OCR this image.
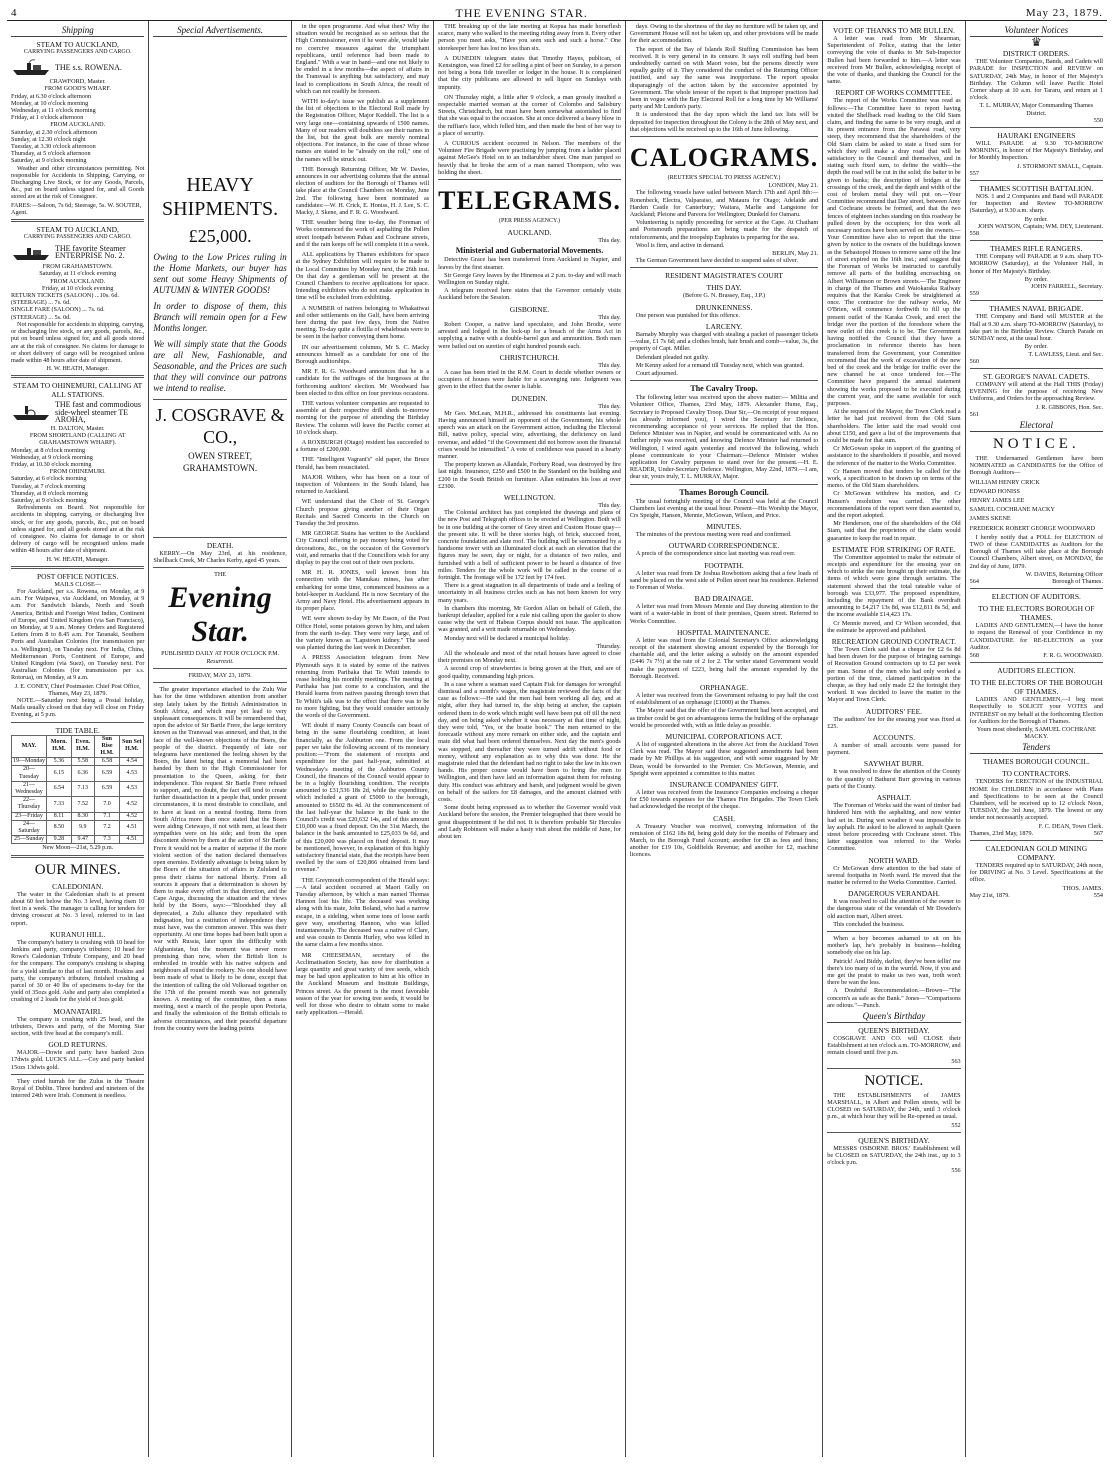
4	THE EVENING STAR.	May 23, 1879.
Shipping
STEAM TO AUCKLAND,
CARRYING PASSENGERS AND CARGO.
THE s.s. ROWENA.
CRAWFORD, Master.
FROM GOOD'S WHARF.
Friday, at 6.30 o'clock afternoon
Monday, at 10 o'clock morning
Wednesday, at 11 o'clock morning
Friday, at 1 o'clock afternoon
FROM AUCKLAND.
Saturday, at 2.30 o'clock afternoon
Sunday, at 12.30 o'clock night
Tuesday, at 3.30 o'clock afternoon
Thursday, at 5 o'clock afternoon
Saturday, at 9 o'clock morning

Weather and other circumstances permitting. Not responsible for Accidents in Shipping, Carrying, or Discharging Live Stock, or for any Goods, Parcels, &c., put on board unless signed for, and all Goods stored are at the risk of Consignee.

FARES:—Saloon, 7s 6d; Steerage, 5s. W. SOUTER, Agent.
STEAM TO AUCKLAND,
CARRYING PASSENGERS AND CARGO.
THE favorite Steamer ENTERPRISE No. 2.
FROM GRAHAMSTOWN.
Saturday, at 11 o'clock evening
FROM AUCKLAND.
Friday, at 10 o'clock evening
RETURN TICKETS (SALOON) ...10s. 6d.
(STEERAGE) ... 7s. 6d.
SINGLE FARE (SALOON) ... 7s. 6d.
(STEERAGE) ... 5s. 0d.

Not responsible for accidents in shipping, carrying, or discharging live stock, or any goods, parcels, &c., put on board unless signed for, and all goods stored are at the risk of consignee. No claims for damage to or short delivery of cargo will be recognised unless made within 48 hours after date of shipment.

H. W. HEATH, Manager.
STEAM TO OHINEMURI, CALLING AT ALL STATIONS.
THE fast and commodious side-wheel steamer TE AROHA,
H. DALTON, Master.
FROM SHORTLAND (CALLING AT GRAHAMSTOWN WHARF).
Monday, at 8 o'clock morning
Wednesday, at 9 o'clock morning
Friday, at 10.30 o'clock morning
FROM OHINEMURI.
Saturday, at 6 o'clock morning
Tuesday, at 7 o'clock morning
Thursday, at 8 o'clock morning
Saturday, at 9 o'clock morning

Refreshments on Board. Not responsible for accidents in shipping, carrying, or discharging live stock, or for any goods, parcels, &c., put on board unless signed for, and all goods stored are at the risk of consignee. No claims for damage to or short delivery of cargo will be recognised unless made within 48 hours after date of shipment.

H. W. HEATH, Manager.
POST OFFICE NOTICES.
MAILS CLOSE—

For Auckland, per s.s. Rowena, on Monday, at 9 a.m. For Waipawa, via Auckland, on Monday, at 9 a.m. For Sandwich Islands, North and South America, British and Foreign West Indies, Continent of Europe, and United Kingdom (via San Francisco), on Monday, at 9 a.m. Money Orders and Registered Letters from 8 to 8.45 a.m. For Taranaki, Southern Ports and Australian Colonies (for transmission per s.s. Wellington), on Tuesday next. For India, China, Mediterranean Ports, Continent of Europe, and United Kingdom (via Suez), on Tuesday next. For Australian Colonies (for transmission per s.s. Rotorua), on Monday, at 9 a.m.

J. E. CONEY, Chief Postmaster. Chief Post Office, Thames, May 23, 1879.

NOTE.—Saturday next being a Postal holiday, Mails usually closed on that day will close on Friday Evening, at 5 p.m.

TIDE TABLE.
MAY.	Morn. H.M.	Even. H.M.	Sun Rise H.M.	Sun Set H.M.
19—Monday	5.36	5.58	6.58	4.54
20—Tuesday	6.15	6.36	6.59	4.53
21—Wednesday	6.54	7.13	6.59	4.53
22—Thursday	7.33	7.52	7.0	4.52
23—Friday	8.11	8.30	7.1	4.52
24—Saturday	8.50	9.9	7.2	4.51
25—Sunday	9.28	9.47	7.3	4.51
New Moon—21st, 5.29 p.m.
OUR MINES.
CALEDONIAN.

The water in the Caledonian shaft is at present about 60 feet below the No. 3 level, having risen 10 feet in a week. The manager is calling for tenders for driving crosscut at No. 3 level, referred to in last report.

KURANUI HILL.

The company's battery is crushing with 10 head for Jenkins and party, company's tributers; 10 head for Rowe's Caledonian Tribute Company, and 20 head for the company. The company's crushing is shaping for a yield similar to that of last month. Hoskins and party, the company's tributers, finished crushing a parcel of 30 or 40 lbs of specimens to-day for the yield of 35ozs gold. Ashe and party also completed a crushing of 2 loads for the yield of 3ozs gold.

MOANATAIRI.

The company is crushing with 25 head, and the tributers, Dewes and party, of the Morning Star section, with five head at the company's mill.

GOLD RETURNS.

MAJOR.—Dowie and party have banked 2ozs 17dwts gold. LUCK'S ALL.—Coy and party banked 15ozs 13dwts gold.

They cried hurrah for the Zulus in the Theatre Royal of Dublin. Three hundred and nineteen of the interred 24th were Irish. Comment is needless.

Special Advertisements.
HEAVY SHIPMENTS.
£25,000.

Owing to the Low Prices ruling in the Home Markets, our buyer has sent out some Heavy Shipments of AUTUMN & WINTER GOODS!

In order to dispose of them, this Branch will remain open for a Few Months longer.

We will simply state that the Goods are all New, Fashionable, and Seasonable, and the Prices are such that they will convince our patrons we intend to realise.

J. COSGRAVE & CO.,
OWEN STREET,
GRAHAMSTOWN.
DEATH.

KERRY.—On May 23rd, at his residence, Shellback Creek, Mr Charles Kerby, aged 45 years.

THE
Evening Star.
PUBLISHED DAILY AT FOUR O'CLOCK P.M.
Resurrexit.
FRIDAY, MAY 23, 1879.

The greater importance attached to the Zulu War has for the time withdrawn attention from another step lately taken by the British Administration in South Africa, and which may yet lead to very unpleasant consequences. It will be remembered that, upon the advice of Sir Bartle Frere, the large territory known as the Transvaal was annexed, and that, in the face of the well-known objections of the Boers, the people of the district. Frequently of late our telegrams have mentioned the feeling shown by the Boers, the latest being that a memorial had been handed by them to the High Commissioner for presentation to the Queen, asking for their independence. This request Sir Bartle Frere refused to support, and, no doubt, the fact will tend to create further dissatisfaction in a people that, under present circumstances, it is most desirable to conciliate, and to have at least on a neutral footing. Items from South Africa more than once stated that the Boers were aiding Cetewayo, if not with men, at least their sympathies were on his side; and from the open discontent shown by them at the action of Sir Bartle Frere it would not be a matter of surprise if the more violent section of the nation declared themselves open enemies. Evidently advantage is being taken by the Boers of the situation of affairs in Zululand to press their claims for national liberty. From all sources it appears that a determination is shown by them to make every effort in that direction, and the Cape Argus, discussing the situation and the views held by the Boers, says:—"Bloodshed they all deprecated, a Zulu alliance they repudiated with indignation, but a restitution of independence they must have, was the common answer. This was their opportunity. At one time hopes had been built upon a war with Russia, later upon the difficulty with Afghanistan, but the moment was never more promising than now, when the British lion is embroiled in trouble with his native subjects and neighbours all round the rookery. No one should have been made of what is likely to be done, except that the intention of calling the old Volksraad together on the 17th of the present month was not generally known. A meeting of the committee, then a mass meeting, next a march of the people upon Pretoria, and finally the submission of the British officials to adverse circumstances, and their peaceful departure from the country were the leading points

in the open programme. And what then? Why the situation would be recognised as so serious that the High Commissioner, even if he were able, would take no coercive measures against the triumphant republicans, until reference had been made to England." With a war in hand—and one not likely to be ended in a few months—the aspect of affairs in the Transvaal is anything but satisfactory, and may lead to complications in South Africa, the result of which can not readily be foreseen.

WITH to-day's issue we publish as a supplement the list of objections to the Electoral Roll made by the Registration Officer, Major Keddell. The list is a very large one—containing upwards of 1500 names. Many of our readers will doubtless see their names in the list, but the great bulk are merely nominal objections. For instance, in the case of those whose names are stated to be "already on the roll," one of the names will be struck out.

THE Borough Returning Officer, Mr W. Davies, announces in our advertising columns that the annual election of auditors for the Borough of Thames will take place at the Council Chambers on Monday, June 2nd. The following have been nominated as candidates:—W. H. Crick, E. Honiss, H. J. Lee, S. C. Macky, J. Skene, and F. R. G. Woodward.

THE weather being fine to-day, the Foreman of Works commenced the work of asphalting the Pollen street footpath between Pahau and Cochrane streets, and if the rain keeps off he will complete it in a week.

ALL applications by Thames exhibitors for space at the Sydney Exhibition will require to be made to the Local Committee by Monday next, the 26th inst. On that day a gentleman will be present at the Council Chambers to receive applications for space. Intending exhibitors who do not make application in time will be excluded from exhibiting.

A NUMBER of natives belonging to Whakatiwai and other settlements on the Gulf, have been arriving here during the past few days, from the Native meeting. To-day quite a flotilla of whaleboats were to be seen in the harbor conveying them home.

IN our advertisement columns, Mr S. C. Macky announces himself as a candidate for one of the Borough auditorships.

MR F. R. G. Woodward announces that he is a candidate for the suffrages of the burgesses at the forthcoming auditors' election. Mr Woodward has been elected to this office on four previous occasions.

THE various volunteer companies are requested to assemble at their respective drill sheds to-morrow morning for the purpose of attending the Birthday Review. The column will leave the Pacific corner at 10 o'clock sharp.

A ROXBURGH (Otago) resident has succeeded to a fortune of £200,000.

THE "Intelligent Vagrant's" old paper, the Bruce Herald, has been resuscitated.

MAJOR Withers, who has been on a tour of inspection of Volunteers in the South Island, has returned to Auckland.

WE understand that the Choir of St. George's Church propose giving another of their Organ Recitals and Sacred Concerts in the Church on Tuesday the 3rd proximo.

MR GEORGE Stains has written to the Auckland City Council offering to pay money being voted for decorations, &c., on the occasion of the Governor's visit, and remarks that if the Councillors wish for any display to pay the cost out of their own pockets.

MR H. R. JONES, well known from his connection with the Manukau mines, has after embarking for some time, commenced business as a hotel-keeper in Auckland. He is now Secretary of the Army and Navy Hotel. His advertisement appears in its proper place.

WE were shown to-day by Mr Esson, of the Post Office Hotel, some potatoes grown by him, and taken from the earth to-day. They were very large, and of the variety known as "Lapstown kidney." The seed was planted during the last week in December.

A PRESS Association telegram from New Plymouth says it is stated by some of the natives returning from Parihaka that Te Whiti intends to cease holding his monthly meetings. The meeting at Parihaka has just come to a conclusion, and the Herald learns from natives passing through town that Te Whiti's talk was to the effect that there was to be no more fighting, but they would consider seriously the words of the Government.

WE doubt if many County Councils can boast of being in the same flourishing condition, at least financially, as the Ashburton one. From the local paper we take the following account of its monetary position:—"From the statement of receipts and expenditure for the past half-year, submitted at Wednesday's meeting of the Ashburton County Council, the finances of the Council would appear to be in a highly flourishing condition. The receipts amounted to £31,536 18s 2d, while the expenditure, which included a grant of £5000 to the borough, amounted to £6502 8s 4d. At the commencement of the last half-year the balance in the bank to the Council's credit was £20,632 14s, and of this amount £10,000 was a fixed deposit. On the 31st March, the balance in the bank amounted to £25,033 9s 6d, and of this £20,000 was placed on fixed deposit. It may be mentioned, however, in explanation of this highly satisfactory financial state, that the receipts have been swelled by the sum of £20,866 obtained from land revenue."

THE Greymouth correspondent of the Herald says:—A fatal accident occurred at Maori Gully on Tuesday afternoon, by which a man named Thomas Hannon lost his life. The deceased was working along with his mate, John Boland, who had a narrow escape, in a sideling, when some tons of loose earth gave way, smothering Hannon, who was killed instantaneously. The deceased was a native of Clare, and was cousin to Dennis Hurley, who was killed in the same claim a few months since.

MR CHEESEMAN, secretary of the Acclimatisation Society, has now for distribution a large quantity and great variety of tree seeds, which may be had upon application to him at his office in the Auckland Museum and Institute Buildings, Princes street. As the present is the most favorable season of the year for sowing tree seeds, it would be well for those who desire to obtain some to make early application.—Herald.

THE breaking up of the late meeting at Kopua has made horseflesh scarce, many who walked to the meeting riding away from it. Every other person you meet asks, "Have you seen such and such a horse." One storekeeper here has lost no less than six.

A DUNEDIN telegram states that Timothy Hayes, publican, of Kensington, was fined £2 for selling a pint of beer on Sunday, to a person not being a bona fide traveller or lodger in the house. It is complained that the city publicans are allowed to sell liquor on Sundays with impunity.

ON Thursday night, a little after 9 o'clock, a man grossly insulted a respectable married woman at the corner of Colombo and Salisbury Streets, Christchurch, but must have been somewhat astonished to find that she was equal to the occasion. She at once delivered a heavy blow in the ruffian's face, which felled him, and then made the best of her way to a place of security.

A CURIOUS accident occurred in Nelson. The members of the Volunteer Fire Brigade were practising by jumping from a ladder placed against McGee's Hotel on to an indiarubber sheet. One man jumped so heavily that he broke the arm of a man named Thompson, who was holding the sheet.

TELEGRAMS.
(PER PRESS AGENCY.)
AUCKLAND.
This day.
Ministerial and Gubernatorial Movements.

Detective Grace has been transferred from Auckland to Napier, and leaves by the first steamer.

Sir George Grey leaves by the Hinemoa at 2 p.m. to-day and will reach Wellington on Sunday night.

A telegram received here states that the Governor certainly visits Auckland before the Session.

GISBORNE.
This day.

Robert Cooper, a native land speculator, and John Brodie, were arrested and lodged in the lock-up for a breach of the Arms Act in supplying a native with a double-barrel gun and ammunition. Both men were bailed out on sureties of eight hundred pounds each.

CHRISTCHURCH.
This day.

A case has been tried in the R.M. Court to decide whether owners or occupiers of houses were liable for a scavenging rate. Judgment was given to the effect that the owner is liable.

DUNEDIN.
This day.

Mr Geo. McLean, M.H.R., addressed his constituents last evening. Having announced himself an opponent of the Government, his whole speech was an attack on the Government action, including the Electoral Bill, native policy, special wire, advertising, the deficiency on land revenue, and added "if the Government did not borrow soon the financial crises would be intensified." A vote of confidence was passed in a hearty manner.

The property known as Allandale, Forbury Road, was destroyed by fire last night. Insurance, £250 and £500 in the Standard on the building and £200 in the South British on furniture. Allan estimates his loss at over £2300.

WELLINGTON.
This day.

The Colonial architect has just completed the drawings and plans of the new Post and Telegraph offices to be erected at Wellington. Both will be in one building at the corner of Grey street and Custom House quay—the present site. It will be three stories high, of brick, stuccoed front, concrete foundation and slate roof. The building will be surmounted by a handsome tower with an illuminated clock at each an elevation that the figures may be seen, day or night, for a distance of two miles, and furnished with a bell of sufficient power to be heard a distance of five miles. Tenders for the whole work will be called in the course of a fortnight. The frontage will be 172 feet by 174 feet.

There is a great stagnation in all departments of trade and a feeling of uncertainty in all business circles such as has not been known for very many years.

In chambers this morning, Mr Gordon Allan on behalf of Gileth, the bankrupt defaulter, applied for a rule nisi calling upon the gaoler to show cause why the writ of Habeas Corpus should not issue. The application was granted, and a writ made returnable on Wednesday.

Monday next will be declared a municipal holiday.

Thursday.

All the wholesale and most of the retail houses have agreed to close their premises on Monday next.

A second crop of strawberries is being grown at the Hutt, and are of good quality, commanding high prices.

In a case where a seaman sued Captain Fisk for damages for wrongful dismissal and a month's wages, the magistrate reviewed the facts of the case as follows:—He said the men had been working all day, and at night, after they had turned in, the ship being at anchor, the captain ordered them to do work which might well have been put off till the next day, and on being asked whether it was necessary at that time of night, they were told, "Yes, or the boatie book." The men returned to the forecastle without any more remark on either side, and the captain and mate did what had been ordered themselves. Next day the men's goods was stopped, and thereafter they were turned adrift without food or money, without any explanation as to why this was done. He the magistrate ruled that the defendant had no right to take the law in his own hands. His proper course would have been to bring the men to Wellington, and then have laid an information against them for refusing duty. His conduct was arbitrary and harsh, and judgment would be given on behalf of the sailors for £8 damages, and the amount claimed with costs.

Some doubt being expressed as to whether the Governor would visit Auckland before the session, the Premier telegraphed that there would be great disappointment if he did not. It is therefore probable Sir Hercules and Lady Robinson will make a hasty visit about the middle of June, for about ten

days. Owing to the shortness of the day no furniture will be taken up, and Government House will not be taken up, and other provisions will be made for their accommodation.

The report of the Bay of Islands Roll Stuffing Commission has been received. It is very general in its censure. It says roll stuffing had been undoubtedly carried on with Maori votes, but the persons directly were equally guilty of it. They considered the conduct of the Returning Officer justified, and say the same was inopportune. The report speaks disparagingly of the action taken by the successive appointed by Government. The whole tenour of the report is that improper practices had been in vogue with the Bay Electoral Roll for a long time by Mr Williams' party and Mr Lundon's party.

It is understood that the day upon which the land tax lists will be deposited for inspection throughout the Colony is the 28th of May next, and that objections will be received up to the 16th of June following.

CALOGRAMS.
(REUTER'S SPECIAL TO PRESS AGENCY.)
LONDON, May 21.

The following vessels have sailed between March 17th and April 8th:—Ronenbeck, Electra, Valparaiso, and Mataura for Otago; Adelaide and Harden Castle for Canterbury; Waitara, Marlie and Langstone for Auckland; Pleione and Pareora for Wellington; Dunkeld for Oamaru.

Volunteering is rapidly proceeding for service at the Cape. At Chatham and Portsmouth preparations are being made for the despatch of reinforcements, and the troopship Euphrates is preparing for the sea.

Wool is firm, and active in demand.

BERLIN, May 21.

The German Government have decided to suspend sales of silver.

RESIDENT MAGISTRATE'S COURT
THIS DAY.
(Before G. N. Brassey, Esq., J.P.)
DRUNKENNESS.

One person was punished for this offence.

LARCENY.

Barnaby Murphy was charged with stealing a packet of passenger tickets—value, £1 7s 6d; and a clothes brush, hair brush and comb—value, 3s, the property of Capt. Miller.

Defendant pleaded not guilty.

Mr Kenny asked for a remand till Tuesday next, which was granted.

Court adjourned.

The Cavalry Troop.

The following letter was received upon the above matter:— Militia and Volunteer Office, Thames, 23rd May, 1879. Alexander Hume, Esq., Secretary to Proposed Cavalry Troop. Dear Sir,—On receipt of your request (as already informed you), I wired the Secretary for Defence, recommending acceptance of your services. He replied that the Hon. Defence Minister was in Napier, and would be communicated with. As no further reply was received, and knowing Defence Minister had returned to Wellington, I wired again yesterday and received the following, which please communicate to your Chairman:—Defence Minister wishes application for Cavalry purposes to stand over for the present.—H. E. READER, Under-Secretary Defence. Wellington, May 22nd, 1879.—I am, dear sir, yours truly, T. L. MURRAY, Major.

Thames Borough Council.

The usual fortnightly meeting of the Council was held at the Council Chambers last evening at the usual hour. Present—His Worship the Mayor, Crs Speight, Hansen, Mennie, McGowan, Wilson, and Price.

MINUTES.

The minutes of the previous meeting were read and confirmed.

OUTWARD CORRESPONDENCE.

A precis of the correspondence since last meeting was read over.

FOOTPATH.

A letter was read from Dr Joshua Rowbottom asking that a few loads of sand be placed on the west side of Pollen street near his residence. Referred to Foreman of Works.

BAD DRAINAGE.

A letter was read from Messrs Mennie and Day drawing attention to the want of a water-table in front of their premises, Queen street. Referred to Works Committee.

HOSPITAL MAINTENANCE.

A letter was read from the Colonial Secretary's Office acknowledging receipt of the statement showing amount expended by the Borough for charitable aid, and the letter asking a subsidy on the amount expended (£446 7s 7½) at the rate of 2 for 2. The writer stated Government would make the payment of £223, being half the amount expended by the Borough. Received.

ORPHANAGE.

A letter was received from the Government refusing to pay half the cost of establishment of an orphanage (£1000) at the Thames.

The Mayor said that the offer of the Government had been accepted, and as timber could be got on advantageous terms the building of the orphanage would be proceeded with, with as little delay as possible.

MUNICIPAL CORPORATIONS ACT.

A list of suggested alterations in the above Act from the Auckland Town Clerk was read. The Mayor said these suggested amendments had been made by Mr Phillips at his suggestion, and with some suggested by Mr Dean, would be forwarded to the Premier. Crs McGowan, Mennie, and Speight were appointed a committee to this matter.

INSURANCE COMPANIES' GIFT.

A letter was received from the Insurance Companies enclosing a cheque for £50 towards expenses for the Thames Fire Brigades. The Town Clerk had acknowledged the receipt of the cheque.

CASH.

A Treasury Voucher was received, conveying information of the remission of £162 18s 8d, being gold duty for the months of February and March, to the Borough Fund Account; another for £8 as fees and fines; another for £19 10s, Goldfields Revenue; and another for £2, machine licences.

VOTE OF THANKS TO MR BULLEN.

A letter was read from Mr Shearman, Superintendent of Police, stating that the letter conveying the vote of thanks to Mr Sub-Inspector Bullen had been forwarded to him.—A letter was received from Mr Bullen, acknowledging receipt of the vote of thanks, and thanking the Council for the same.

REPORT OF WORKS COMMITTEE.

The report of the Works Committee was read as follows:—The Committee have to report having visited the Shellback road leading to the Old Siam claim, and finding the same to be very rough, and at its present entrance from the Parawai road, very steep, they recommend that the shareholders of the Old Siam claim be asked to state a fixed sum for which they will make a dray road that will be satisfactory to the Council and themselves, and in stating such fixed sum, to define the width—the depth the road will be cut in the solid; the batter to be given to banks; the description of bridges at the crossings of the creek, and the depth and width of the cost of broken metal they will put on.—Your Committee recommend that Day street, between Amy and Cochrane streets be formed, and that the two fences of eighteen inches standing on this roadway be pulled down by the occupiers; for this work all necessary notices have been served on the owners.—Your Committee have also to report that the time given by notice to the owners of the buildings known as the Sebastopol Houses to remove same off the line of street expired on the 16th inst.; and suggest that the Foreman of Works be instructed to carefully remove all parts of the building encroaching on Albert Williamson or Brown streets.—The Engineer in charge of the Thames and Waiokaraka Railway requires that the Karaka Creek be straightened at once. The contractor for the railway works, Mr O'Brien, will commence forthwith to fill up the present outlet of the Karaka Creek, and erect the bridge over the portion of the foreshore where the new outlet of this creek is to be. The Government having notified the Council that they have a proclamation in reference thereto has been transferred from the Government, your Committee recommend that the work of excavation of the new bed of the creek and the bridge for traffic over the new channel be at once tendered for.—The Committee have prepared the annual statement showing the works proposed to be executed during the current year, and the same available for such purposes.

At the request of the Mayor, the Town Clerk read a letter he had just received from the Old Siam shareholders. The letter said the road would cost about £150, and gave a list of the improvements that could be made for that sum.

Cr McGowan spoke in support of the granting of assistance to the shareholders if possible, and moved the reference of the matter to the Works Committee.

Cr Hansen moved that tenders be called for the work, a specification to be drawn up on terms of the memo. of the Old Siam shareholders.

Cr McGowan withdrew his motion, and Cr Hansen's resolution was carried. The other recommendations of the report were then assented to, and the report adopted.

Mr Henderson, one of the shareholders of the Old Siam, said that the proprietors of the claim would guarantee to keep the road in repair.

ESTIMATE FOR STRIKING OF RATE.

The Committee appointed to make the estimate of receipts and expenditure for the ensuing year on which to strike the rate brought up their estimate, the items of which were gone through seriatim. The statement showed that the total rateable value of borough was £33,977. The proposed expenditure, including the repayment of the Bank overdraft amounting to £4,217 13s 8d, was £12,811 8s 5d, and the income available £14,423 17s.

Cr Mennie moved, and Cr Wilson seconded, that the estimate be approved and published.

RECREATION GROUND CONTRACT.

The Town Clerk said that a cheque for £2 6s 8d had been drawn for the purpose of bringing earnings of Recreation Ground contractors up to £2 per week per man. Some of the men who had only worked a portion of the time, claimed participation in the cheque, as they had only made £2 the fortnight they worked. It was decided to leave the matter to the Mayor and Town Clerk.

AUDITORS' FEE.

The auditors' fee for the ensuing year was fixed at £25.

ACCOUNTS.

A number of small accounts were passed for payment.

SAYWHAT BURR.

It was resolved to draw the attention of the County to the quantity of Bathurst Burr growing in various parts of the County.

ASPHALT.

The Foreman of Works said the want of timber had hindered him with the asphalting, and now winter had set in. During wet weather it was impossible to lay asphalt. He asked to be allowed to asphalt Queen street before proceeding with Cochrane street. This latter suggestion was referred to the Works Committee.

NORTH WARD.

Cr McGowan drew attention to the bad state of several footpaths in North ward. He moved that the matter be referred to the Works Committee. Carried.

DANGEROUS VERANDAH.

It was resolved to call the attention of the owner to the dangerous state of the verandah of Mr Dowden's old auction mart, Albert street.

This concluded the business.

When a boy becomes ashamed to sit on his mother's lap, he's probably in business—holding somebody else on his lap.

Patrick! And Biddy, darlint, they've been tellin' me there's too many of us in the wurrld. Now, if you and me get the praist to make us two wan, troth won't there be wan the less.

A Doubtful Recommendation.—Brown—"The concern's as safe as the Bank." Jones—"Comparisons are odious."—Punch.

Queen's Birthday
QUEEN'S BIRTHDAY.

COSGRAVE AND CO. will CLOSE their Establishment at ten o'clock a.m. TO-MORROW, and remain closed until five p.m.

563
NOTICE.

THE ESTABLISHMENTS of JAMES MARSHALL, in Albert and Pollen streets, will be CLOSED on SATURDAY, the 24th, until 3 o'clock p.m., at which hour they will be Re-opened as usual.

552
QUEEN'S BIRTHDAY.

MESSRS OSBORNE BROS.' Establishment will be CLOSED on SATURDAY, the 24th inst., up to 3 o'clock p.m.

556
Volunteer Notices
♛
DISTRICT ORDERS.

THE Volunteer Companies, Bands, and Cadets will PARADE for INSPECTION and REVIEW on SATURDAY, 24th May, in honor of Her Majesty's Birthday. The Column will leave Pacific Hotel Corner sharp at 10 a.m. for Tararu, and return at 1 o'clock.

T. L. MURRAY, Major Commanding Thames District.
550
HAURAKI ENGINEERS

WILL PARADE at 9.30 TO-MORROW MORNING, in honor of Her Majesty's Birthday, and for Monthly Inspection.

J. STORMONT SMALL, Captain.
557
THAMES SCOTTISH BATTALION.

NOS. 1 and 2 Companies and Band will PARADE for Inspection and Review TO-MORROW (Saturday), at 9.30 a.m. sharp.

By order.
JOHN WATSON, Captain; WM. DEY, Lieutenant.
558
THAMES RIFLE RANGERS.

THE Company will PARADE at 9 a.m. sharp TO-MORROW (Saturday), at the Volunteer Hall, in honor of Her Majesty's Birthday.

By order.
JOHN FARRELL, Secretary.
559
THAMES NAVAL BRIGADE.

THE Company and Band will MUSTER at the Hall at 9.30 a.m. sharp TO-MORROW (Saturday), to take part in the Birthday Review. Church Parade on SUNDAY next, at the usual hour.

By order.
T. LAWLESS, Lieut. and Sec.
560
ST. GEORGE'S NAVAL CADETS.

COMPANY will attend at the Hall THIS (Friday) EVENING for the purpose of receiving New Uniforms, and Orders for the approaching Review.

J. R. GIBBONS, Hon. Sec.
561
Electoral
NOTICE.

THE Undernamed Gentlemen have been NOMINATED as CANDIDATES for the Office of Borough Auditors—

WILLIAM HENRY CRICK
EDWARD HONISS
HENRY JAMES LEE
SAMUEL COCHRANE MACKY
JAMES SKENE
FREDERICK ROBERT GEORGE WOODWARD

I hereby notify that a POLL for ELECTION of TWO of these CANDIDATES as Auditors for the Borough of Thames will take place at the Borough Council Chambers, Albert street, on MONDAY, the 2nd day of June, 1879.

W. DAVIES, Returning Officer
564	Borough of Thames.
ELECTION OF AUDITORS.
TO THE ELECTORS BOROUGH OF THAMES.

LADIES AND GENTLEMEN,—I have the honor to request the Renewal of your Confidence in my CANDIDATURE for RE-ELECTION as your Auditor.

568	F. R. G. WOODWARD.
AUDITORS ELECTION.
TO THE ELECTORS OF THE BOROUGH OF THAMES.

LADIES AND GENTLEMEN,—I beg most Respectfully to SOLICIT your VOTES and INTEREST on my behalf at the forthcoming Election for Auditors for the Borough of Thames.

Yours most obediently, SAMUEL COCHRANE MACKY.
Tenders
THAMES BOROUGH COUNCIL.
TO CONTRACTORS.

TENDERS for ERECTION of the INDUSTRIAL HOME for CHILDREN in accordance with Plans and Specifications to be seen at the Council Chambers, will be received up to 12 o'clock Noon, TUESDAY, the 3rd June, 1879. The lowest or any tender not necessarily accepted.

F. C. DEAN, Town Clerk.
Thames, 23rd May, 1879.	567
CALEDONIAN GOLD MINING COMPANY.

TENDERS required up to SATURDAY, 24th noon, for DRIVING at No. 3 Level. Specifications at the office.

THOS. JAMES.
May 21st, 1879.	554
